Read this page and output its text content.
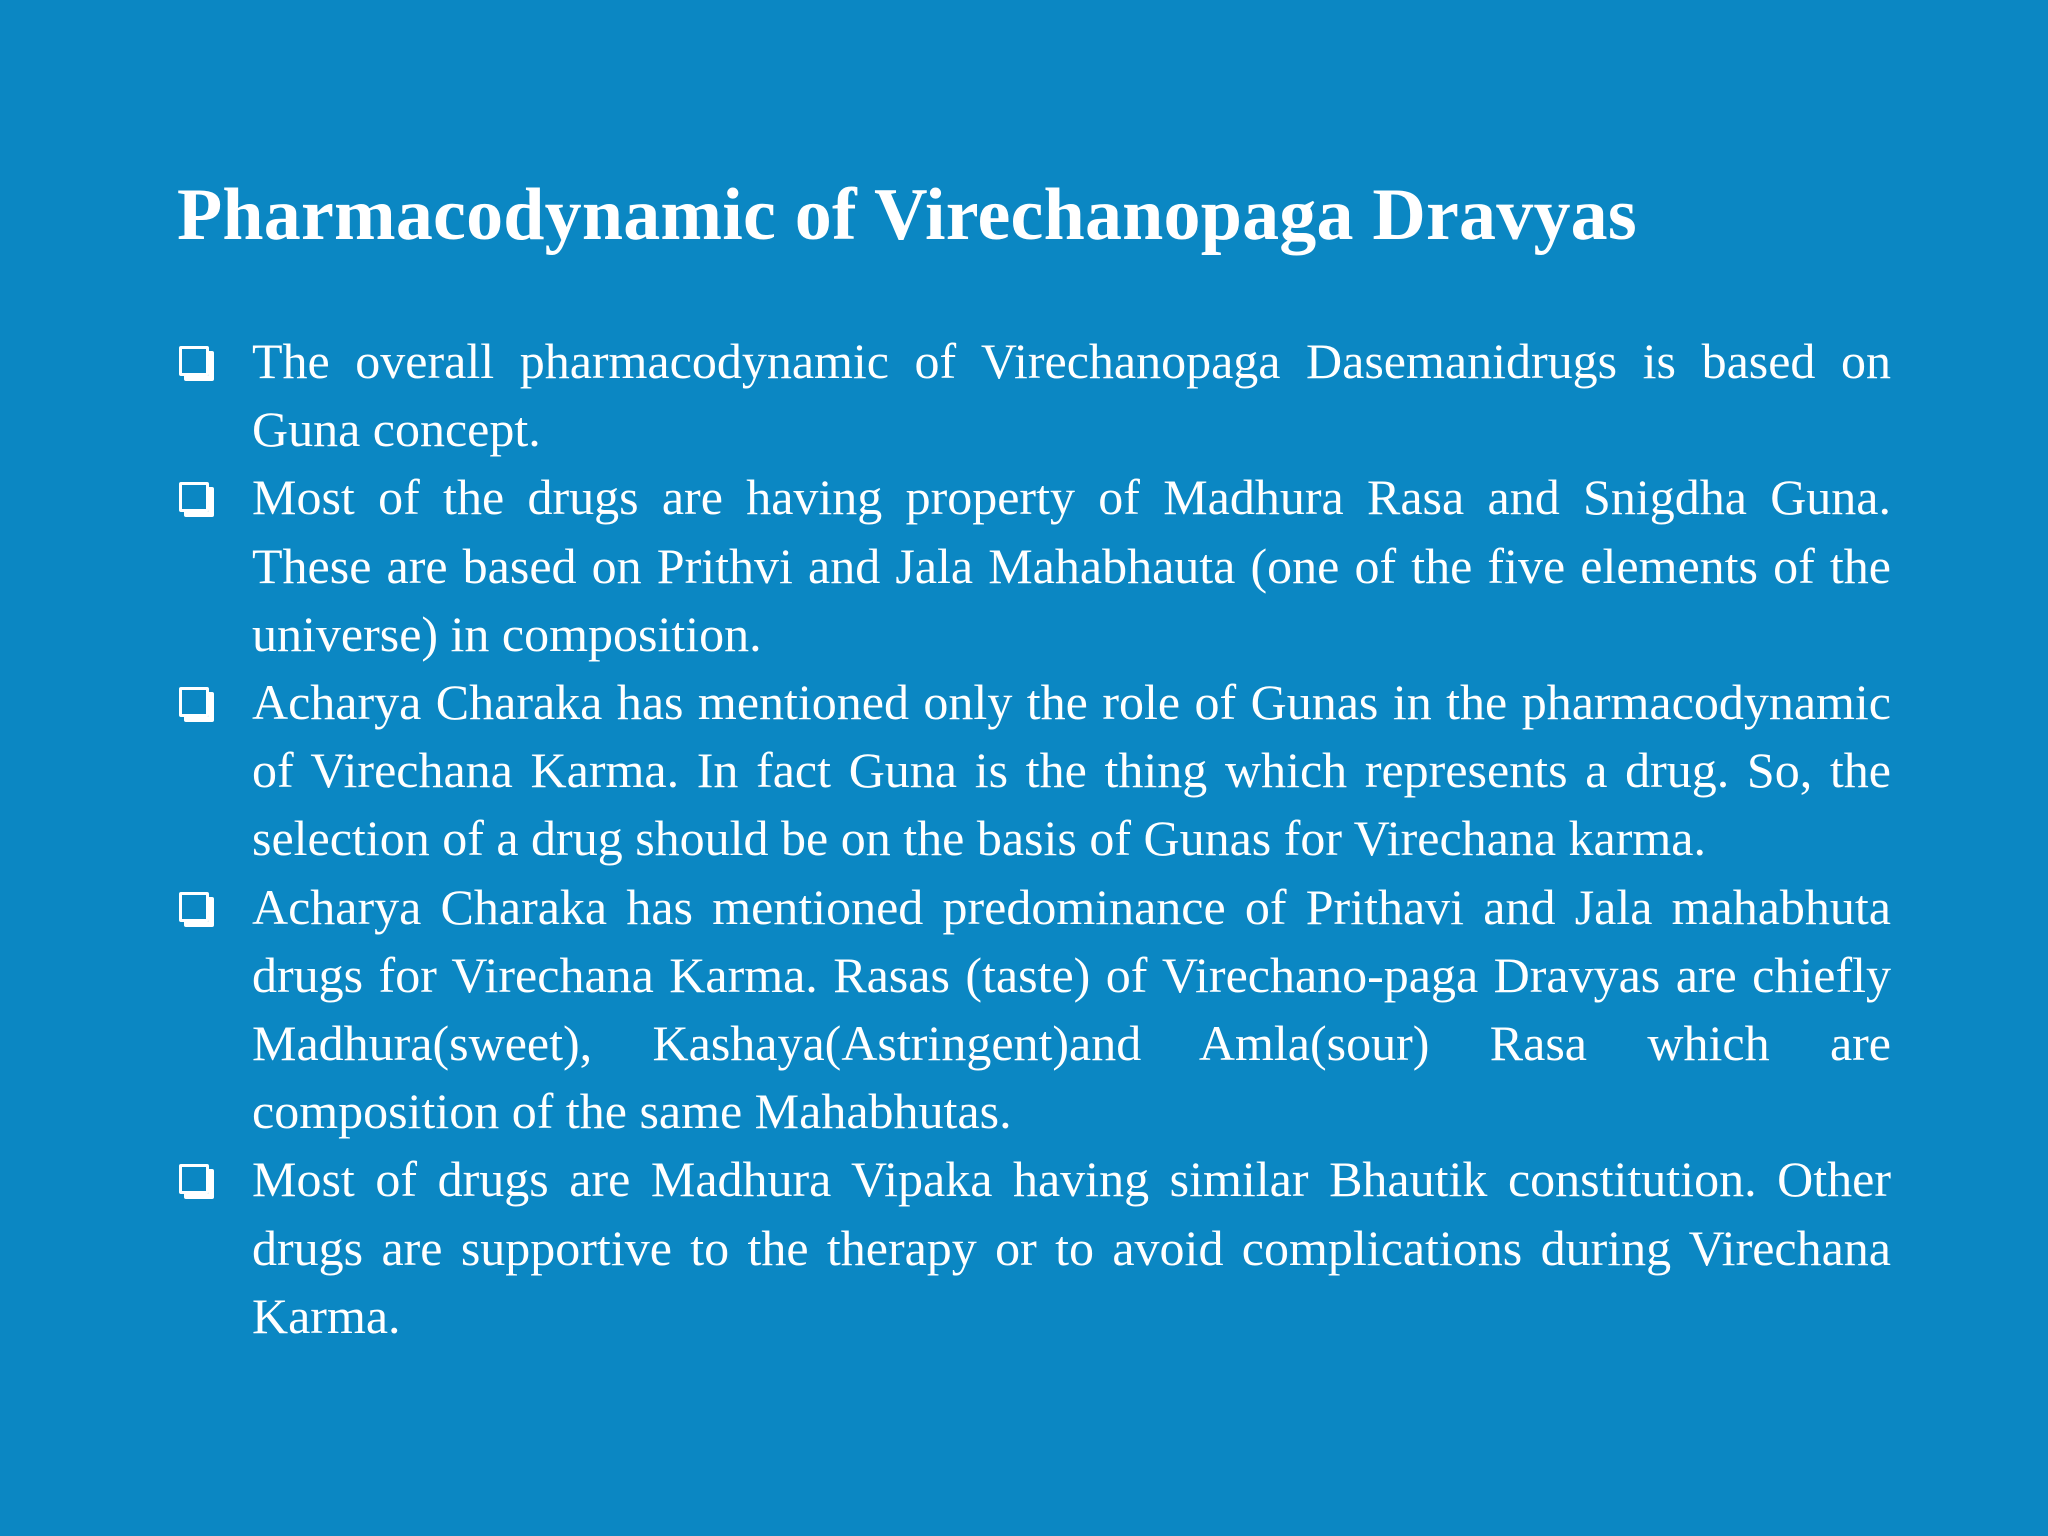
Pharmacodynamic of Virechanopaga Dravyas
The overall pharmacodynamic of Virechanopaga Dasemanidrugs is based on Guna concept.
Most of the drugs are having property of Madhura Rasa and Snigdha Guna. These are based on Prithvi and Jala Mahabhauta (one of the five elements of the universe) in composition.
Acharya Charaka has mentioned only the role of Gunas in the pharmacodynamic of Virechana Karma. In fact Guna is the thing which represents a drug. So, the selection of a drug should be on the basis of Gunas for Virechana karma.
Acharya Charaka has mentioned predominance of Prithavi and Jala mahabhuta drugs for Virechana Karma. Rasas (taste) of Virechano-paga Dravyas are chiefly Madhura(sweet), Kashaya(Astringent)and Amla(sour) Rasa which are composition of the same Mahabhutas.
Most of drugs are Madhura Vipaka having similar Bhautik constitution. Other drugs are supportive to the therapy or to avoid complications during Virechana Karma.
